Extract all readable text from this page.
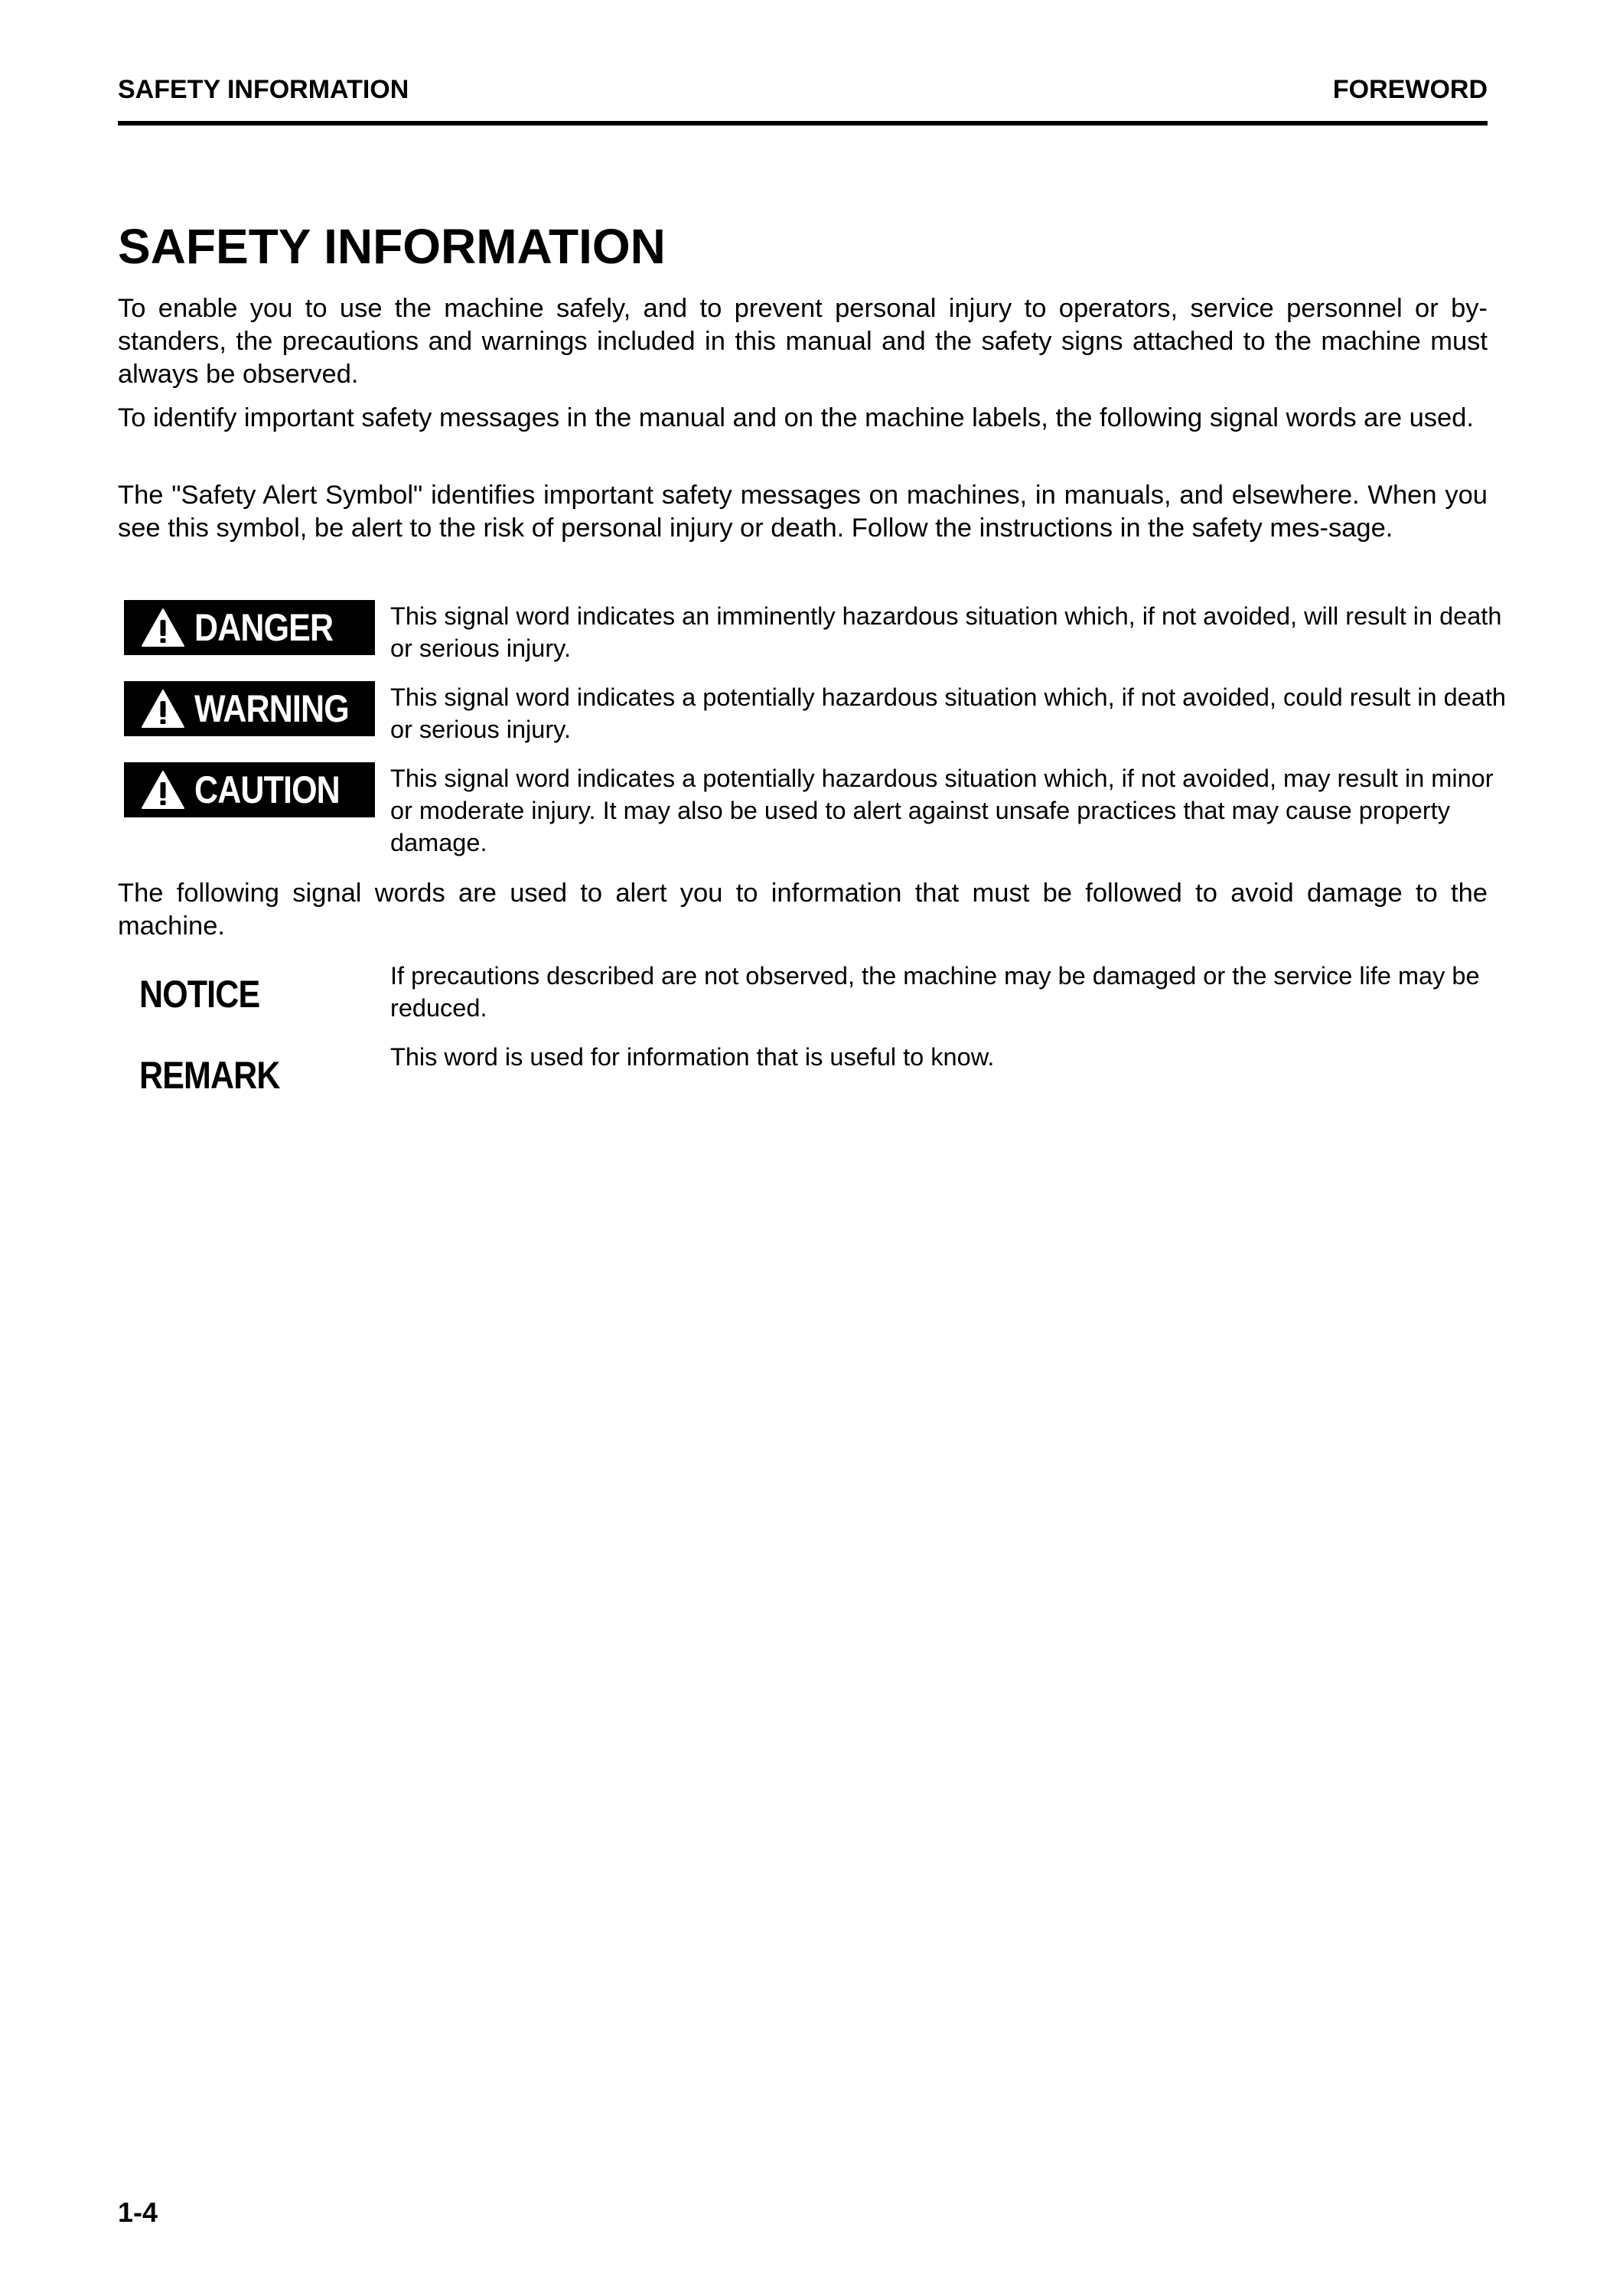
SAFETY INFORMATION	FOREWORD
SAFETY INFORMATION

To enable you to use the machine safely, and to prevent personal injury to operators, service personnel or by-standers, the precautions and warnings included in this manual and the safety signs attached to the machine must always be observed.

To identify important safety messages in the manual and on the machine labels, the following signal words are used.

The "Safety Alert Symbol" identifies important safety messages on machines, in manuals, and elsewhere. When you see this symbol, be alert to the risk of personal injury or death. Follow the instructions in the safety mes-sage.

DANGER This signal word indicates an imminently hazardous situation which, if not avoided, will result in death or serious injury.

WARNING This signal word indicates a potentially hazardous situation which, if not avoided, could result in death or serious injury.

CAUTION This signal word indicates a potentially hazardous situation which, if not avoided, may result in minor or moderate injury. It may also be used to alert against unsafe practices that may cause property damage.

The following signal words are used to alert you to information that must be followed to avoid damage to the machine.

NOTICE	If precautions described are not observed, the machine may be damaged or the service life may be reduced.

REMARK	This word is used for information that is useful to know.

1-4
